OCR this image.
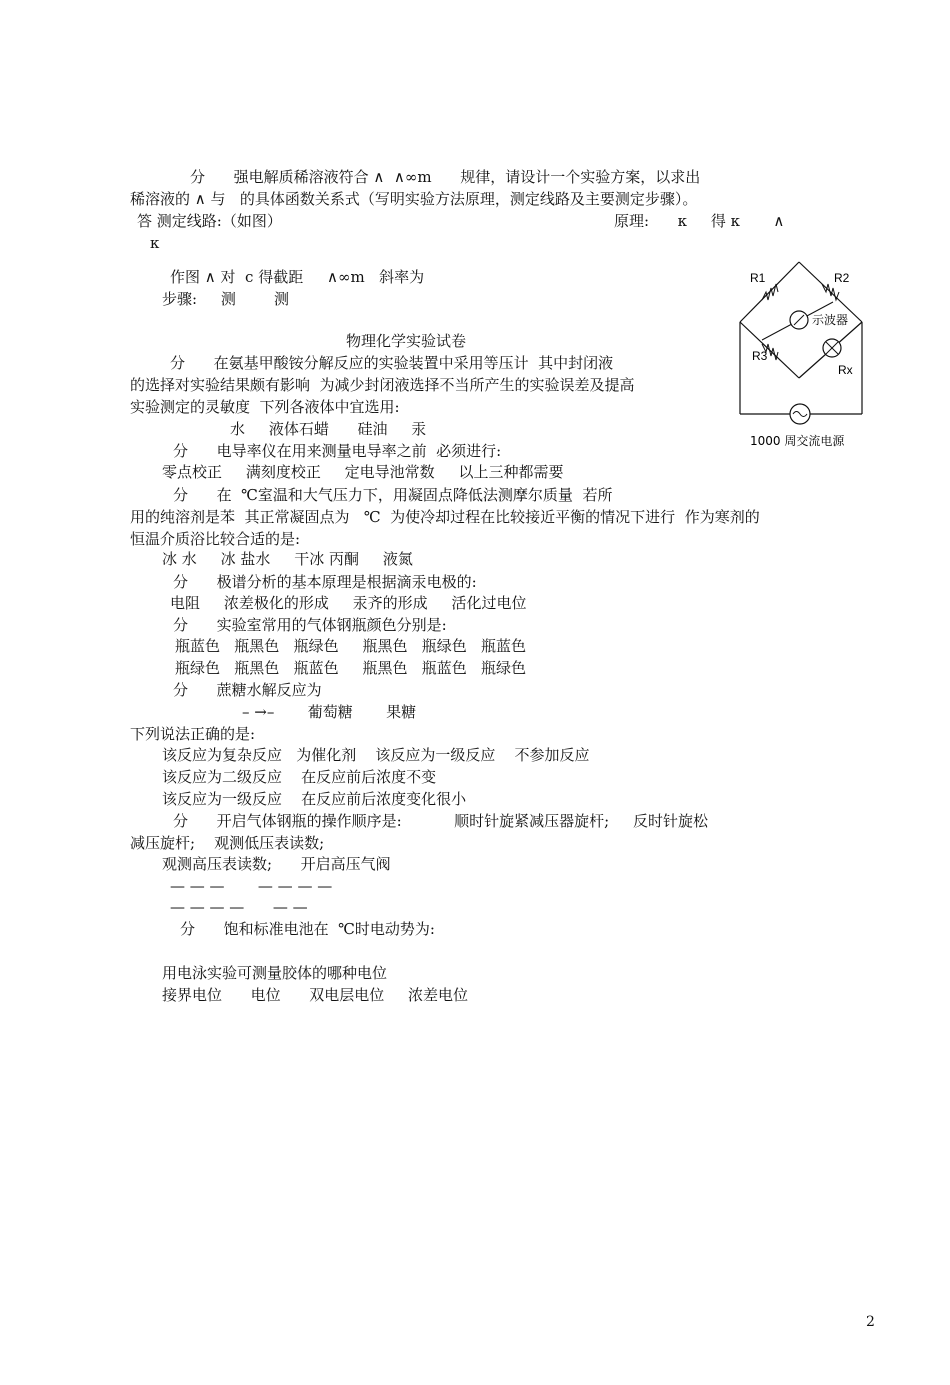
分      强电解质稀溶液符合 ∧  ∧∞m      规律，请设计一个实验方案，以求出
稀溶液的 ∧ 与   的具体函数关系式（写明实验方法原理，测定线路及主要测定步骤）。
答 测定线路:（如图）	原理:      κ     得 κ       ∧
κ
作图 ∧ 对  c 得截距     ∧∞m   斜率为
步骤:     测        测
物理化学实验试卷
分      在氨基甲酸铵分解反应的实验装置中采用等压计  其中封闭液
的选择对实验结果颇有影响  为减少封闭液选择不当所产生的实验误差及提高
实验测定的灵敏度  下列各液体中宜选用:
水     液体石蜡      硅油     汞
分      电导率仪在用来测量电导率之前  必须进行:
零点校正     满刻度校正     定电导池常数     以上三种都需要
分      在  ℃室温和大气压力下，用凝固点降低法测摩尔质量  若所
用的纯溶剂是苯  其正常凝固点为   ℃  为使冷却过程在比较接近平衡的情况下进行  作为寒剂的
恒温介质浴比较合适的是:
冰 水     冰 盐水     干冰 丙酮     液氮
分      极谱分析的基本原理是根据滴汞电极的:
电阻     浓差极化的形成     汞齐的形成     活化过电位
分      实验室常用的气体钢瓶颜色分别是:
瓶蓝色   瓶黑色   瓶绿色     瓶黑色   瓶绿色   瓶蓝色
瓶绿色   瓶黑色   瓶蓝色     瓶黑色   瓶蓝色   瓶绿色
分      蔗糖水解反应为
– →–       葡萄糖       果糖
下列说法正确的是:
该反应为复杂反应   为催化剂    该反应为一级反应    不参加反应
该反应为二级反应    在反应前后浓度不变
该反应为一级反应    在反应前后浓度变化很小
分      开启气体钢瓶的操作顺序是:           顺时针旋紧减压器旋杆;     反时针旋松
减压旋杆;    观测低压表读数;
观测高压表读数;      开启高压气阀
— — —       — — — —
— — — —      — —
分      饱和标准电池在  ℃时电动势为:
用电泳实验可测量胶体的哪种电位
接界电位      电位      双电层电位     浓差电位
R1	R2
R3
Rx
示波器
1000 周交流电源
2
